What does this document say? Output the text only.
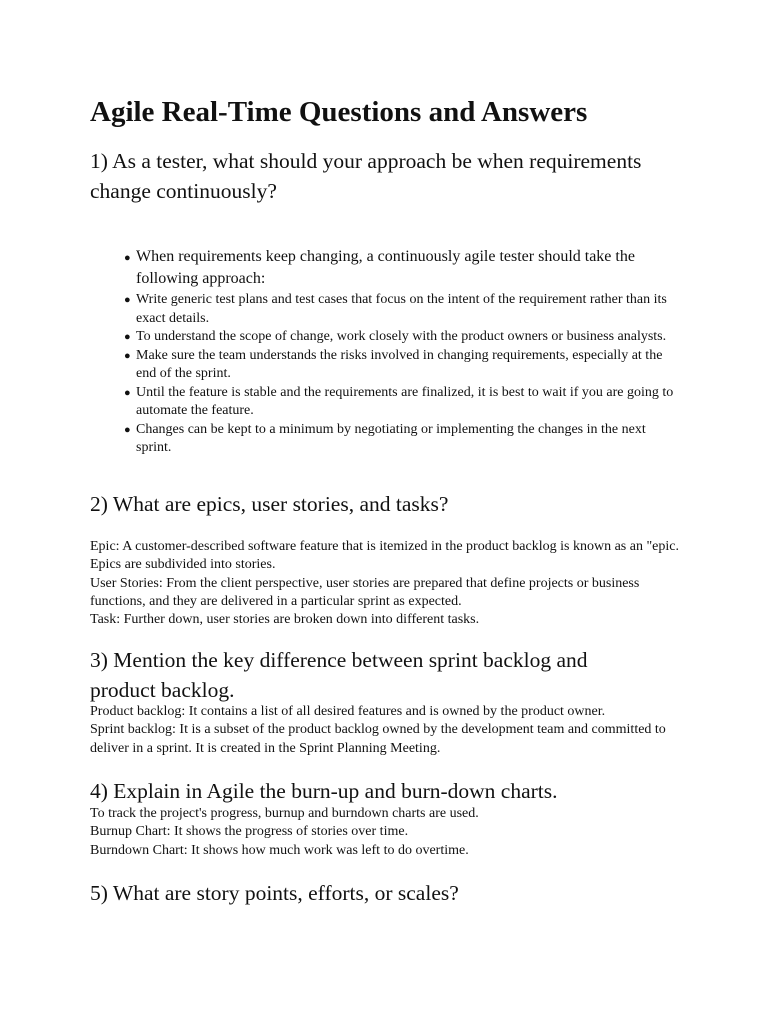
Agile Real-Time Questions and Answers
1) As a tester, what should your approach be when requirements change continuously?
● When requirements keep changing, a continuously agile tester should take the following approach:
● Write generic test plans and test cases that focus on the intent of the requirement rather than its exact details.
● To understand the scope of change, work closely with the product owners or business analysts.
● Make sure the team understands the risks involved in changing requirements, especially at the end of the sprint.
● Until the feature is stable and the requirements are finalized, it is best to wait if you are going to automate the feature.
● Changes can be kept to a minimum by negotiating or implementing the changes in the next sprint.
2) What are epics, user stories, and tasks?
Epic: A customer-described software feature that is itemized in the product backlog is known as an "epic. Epics are subdivided into stories.
User Stories: From the client perspective, user stories are prepared that define projects or business functions, and they are delivered in a particular sprint as expected.
Task: Further down, user stories are broken down into different tasks.
3) Mention the key difference between sprint backlog and product backlog.
Product backlog: It contains a list of all desired features and is owned by the product owner.
Sprint backlog: It is a subset of the product backlog owned by the development team and committed to deliver in a sprint. It is created in the Sprint Planning Meeting.
4) Explain in Agile the burn-up and burn-down charts.
To track the project's progress, burnup and burndown charts are used.
Burnup Chart: It shows the progress of stories over time.
Burndown Chart: It shows how much work was left to do overtime.
5) What are story points, efforts, or scales?
